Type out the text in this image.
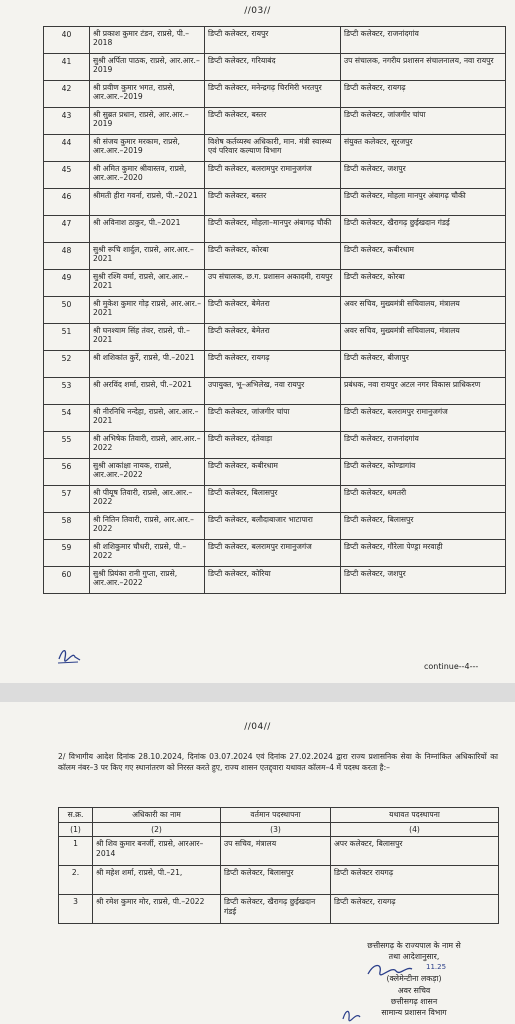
//03//
40	श्री प्रकाश कुमार टंडन, राप्रसे, पी.–2018	डिप्टी कलेक्टर, रायपुर	डिप्टी कलेक्टर, राजनांदगांव
41	सुश्री अर्पिता पाठक, राप्रसे, आर.आर.–2019	डिप्टी कलेक्टर, गरियाबंद	उप संचालक, नगरीय प्रशासन संचालनालय, नवा रायपुर
42	श्री प्रवीण कुमार भगत, राप्रसे, आर.आर.–2019	डिप्टी कलेक्टर, मनेन्द्रगढ़ चिरमिरी भरतपुर	डिप्टी कलेक्टर, रायगढ़
43	श्री सुब्रत प्रधान, राप्रसे, आर.आर.–2019	डिप्टी कलेक्टर, बस्तर	डिप्टी कलेक्टर, जांजगीर चांपा
44	श्री संजय कुमार मरकाम, राप्रसे, आर.आर.–2019	विशेष कर्तव्यस्थ अधिकारी, मान. मंत्री स्वास्थ्य एवं परिवार कल्याण विभाग	संयुक्त कलेक्टर, सूरजपुर
45	श्री अमित कुमार श्रीवास्तव, राप्रसे, आर.आर.–2020	डिप्टी कलेक्टर, बलरामपुर रामानुजगंज	डिप्टी कलेक्टर, जशपुर
46	श्रीमती हीरा गवर्ना, राप्रसे, पी.–2021	डिप्टी कलेक्टर, बस्तर	डिप्टी कलेक्टर, मोहला मानपुर अंबागढ़ चौकी
47	श्री अविनाश ठाकुर, पी.–2021	डिप्टी कलेक्टर, मोहला–मानपुर अंबागढ़ चौकी	डिप्टी कलेक्टर, खैरागढ़ छुईखदान गंडई
48	सुश्री रूचि शार्दुल, राप्रसे, आर.आर.–2021	डिप्टी कलेक्टर, कोरबा	डिप्टी कलेक्टर, कबीरधाम
49	सुश्री रश्मि वर्मा, राप्रसे, आर.आर.–2021	उप संचालक, छ.ग. प्रशासन अकादमी, रायपुर	डिप्टी कलेक्टर, कोरबा
50	श्री मुकेश कुमार गोड़ राप्रसे, आर.आर.–2021	डिप्टी कलेक्टर, बेमेतरा	अवर सचिव, मुख्यमंत्री सचिवालय, मंत्रालय
51	श्री घनश्याम सिंह तंवर, राप्रसे, पी.–2021	डिप्टी कलेक्टर, बेमेतरा	अवर सचिव, मुख्यमंत्री सचिवालय, मंत्रालय
52	श्री शशिकांत कुर्रे, राप्रसे, पी.–2021	डिप्टी कलेक्टर, रायगढ़	डिप्टी कलेक्टर, बीजापुर
53	श्री अरविंद शर्मा, राप्रसे, पी.–2021	उपायुक्त, भू–अभिलेख, नवा रायपुर	प्रबंधक, नवा रायपुर अटल नगर विकास प्राधिकरण
54	श्री नीरनिधि नन्देहा, राप्रसे, आर.आर.–2021	डिप्टी कलेक्टर, जांजगीर चांपा	डिप्टी कलेक्टर, बलरामपुर रामानुजगंज
55	श्री अभिषेक तिवारी, राप्रसे, आर.आर.–2022	डिप्टी कलेक्टर, दंतेवाड़ा	डिप्टी कलेक्टर, राजनांदगांव
56	सुश्री आकांक्षा नायक, राप्रसे, आर.आर.–2022	डिप्टी कलेक्टर, कबीरधाम	डिप्टी कलेक्टर, कोण्डागांव
57	श्री पीयूष तिवारी, राप्रसे, आर.आर.–2022	डिप्टी कलेक्टर, बिलासपुर	डिप्टी कलेक्टर, धमतरी
58	श्री नितिन तिवारी, राप्रसे, आर.आर.–2022	डिप्टी कलेक्टर, बलौदाबाजार भाटापारा	डिप्टी कलेक्टर, बिलासपुर
59	श्री शशिकुमार चौधरी, राप्रसे, पी.–2022	डिप्टी कलेक्टर, बलरामपुर रामानुजगंज	डिप्टी कलेक्टर, गौरेला पेण्ड्रा मरवाही
60	सुश्री प्रियंका रानी गुप्ता, राप्रसे, आर.आर.–2022	डिप्टी कलेक्टर, कोरिया	डिप्टी कलेक्टर, जशपुर
continue--4---
//04//
2/ विभागीय आदेश दिनांक 28.10.2024, दिनांक 03.07.2024 एवं दिनांक 27.02.2024 द्वारा राज्य प्रशासनिक सेवा के निम्नांकित अधिकारियों का कॉलम नंबर–3 पर किए गए स्थानांतरण को निरस्त करते हुए, राज्य शासन एतद्द्वारा यथावत कॉलम–4 में पदस्थ करता है:–
स.क्र.	अधिकारी का नाम	वर्तमान पदस्थापना	यथावत पदस्थापना
(1)	(2)	(3)	(4)
1	श्री शिव कुमार बनर्जी, राप्रसे, आरआर–2014	उप सचिव, मंत्रालय	अपर कलेक्टर, बिलासपुर
2.	श्री महेश शर्मा, राप्रसे, पी.–21,	डिप्टी कलेक्टर, बिलासपुर	डिप्टी कलेक्टर रायगढ़
3	श्री रमेश कुमार मोर, राप्रसे, पी.–2022	डिप्टी कलेक्टर, खैरागढ़ छुईखदान गंडई	डिप्टी कलेक्टर, रायगढ़
छत्तीसगढ़ के राज्यपाल के नाम से
तथा आदेशानुसार,
11.25
(क्लेमेन्टीना लकड़ा)
अवर सचिव
छत्तीसगढ़ शासन
सामान्य प्रशासन विभाग
